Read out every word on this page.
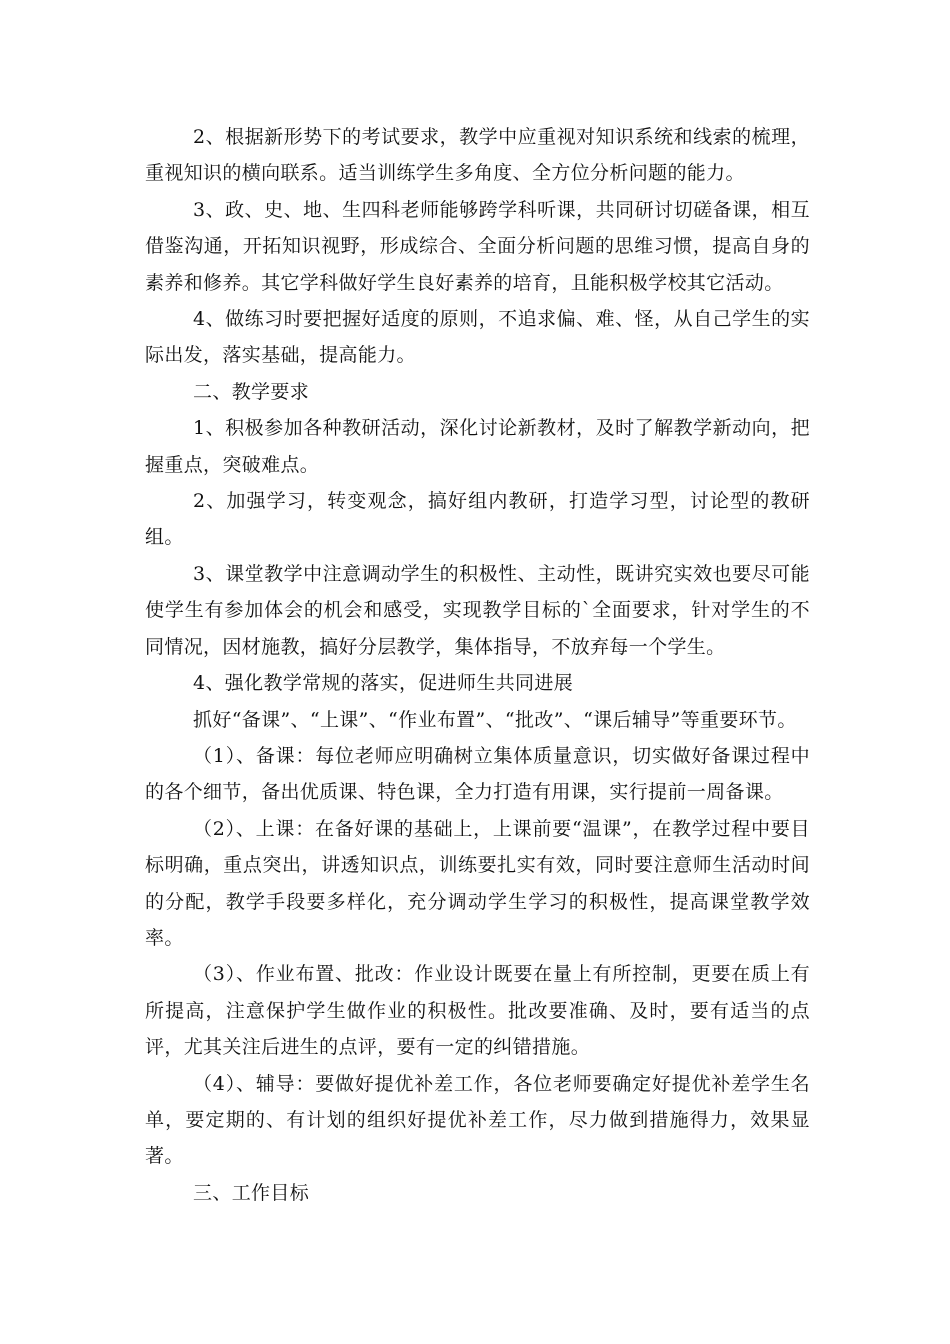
2、根据新形势下的考试要求，教学中应重视对知识系统和线索的梳理，重视知识的横向联系。适当训练学生多角度、全方位分析问题的能力。

3、政、史、地、生四科老师能够跨学科听课，共同研讨切磋备课，相互借鉴沟通，开拓知识视野，形成综合、全面分析问题的思维习惯，提高自身的素养和修养。其它学科做好学生良好素养的培育，且能积极学校其它活动。

4、做练习时要把握好适度的原则，不追求偏、难、怪，从自己学生的实际出发，落实基础，提高能力。

二、教学要求

1、积极参加各种教研活动，深化讨论新教材，及时了解教学新动向，把握重点，突破难点。

2、加强学习，转变观念，搞好组内教研，打造学习型，讨论型的教研组。

3、课堂教学中注意调动学生的积极性、主动性，既讲究实效也要尽可能使学生有参加体会的机会和感受，实现教学目标的`全面要求，针对学生的不同情况，因材施教，搞好分层教学，集体指导，不放弃每一个学生。

4、强化教学常规的落实，促进师生共同进展

抓好“备课”、“上课”、“作业布置”、“批改”、“课后辅导”等重要环节。

（1）、备课：每位老师应明确树立集体质量意识，切实做好备课过程中的各个细节，备出优质课、特色课，全力打造有用课，实行提前一周备课。

（2）、上课：在备好课的基础上，上课前要“温课”，在教学过程中要目标明确，重点突出，讲透知识点，训练要扎实有效，同时要注意师生活动时间的分配，教学手段要多样化，充分调动学生学习的积极性，提高课堂教学效率。

（3）、作业布置、批改：作业设计既要在量上有所控制，更要在质上有所提高，注意保护学生做作业的积极性。批改要准确、及时，要有适当的点评，尤其关注后进生的点评，要有一定的纠错措施。

（4）、辅导：要做好提优补差工作，各位老师要确定好提优补差学生名单，要定期的、有计划的组织好提优补差工作，尽力做到措施得力，效果显著。

三、工作目标
